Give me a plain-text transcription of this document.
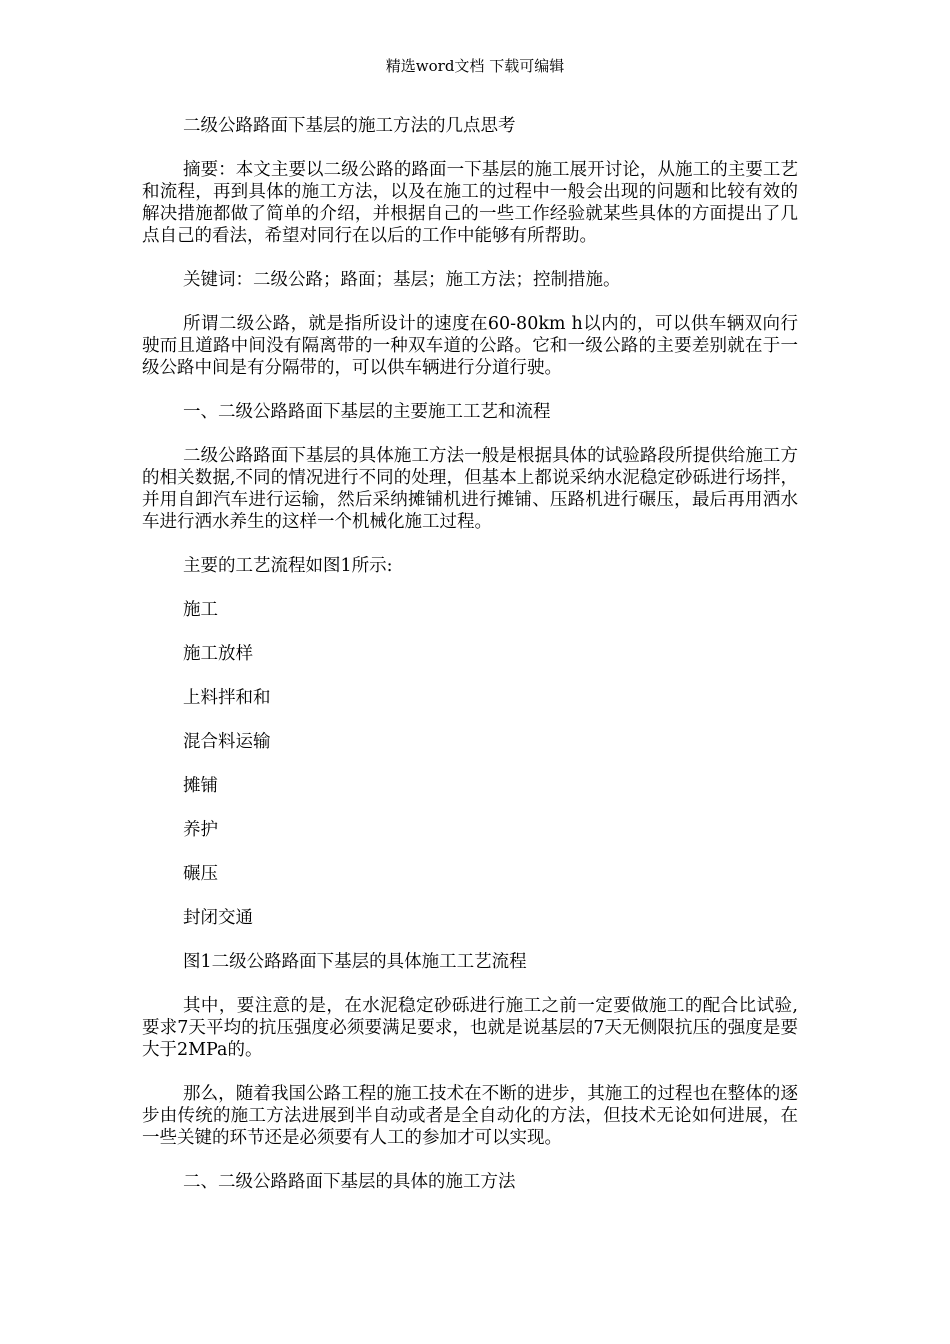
精选word文档 下载可编辑

二级公路路面下基层的施工方法的几点思考

摘要：本文主要以二级公路的路面一下基层的施工展开讨论，从施工的主要工艺和流程，再到具体的施工方法，以及在施工的过程中一般会出现的问题和比较有效的解决措施都做了简单的介绍，并根据自己的一些工作经验就某些具体的方面提出了几点自己的看法，希望对同行在以后的工作中能够有所帮助。

关键词：二级公路；路面；基层；施工方法；控制措施。

所谓二级公路，就是指所设计的速度在60-80km h以内的，可以供车辆双向行驶而且道路中间没有隔离带的一种双车道的公路。它和一级公路的主要差别就在于一级公路中间是有分隔带的，可以供车辆进行分道行驶。

一、二级公路路面下基层的主要施工工艺和流程

二级公路路面下基层的具体施工方法一般是根据具体的试验路段所提供给施工方的相关数据,不同的情况进行不同的处理，但基本上都说采纳水泥稳定砂砾进行场拌，并用自卸汽车进行运输，然后采纳摊铺机进行摊铺、压路机进行碾压，最后再用洒水车进行洒水养生的这样一个机械化施工过程。

主要的工艺流程如图1所示:

施工

施工放样

上料拌和和

混合料运输

摊铺

养护

碾压

封闭交通

图1二级公路路面下基层的具体施工工艺流程

其中，要注意的是，在水泥稳定砂砾进行施工之前一定要做施工的配合比试验,要求7天平均的抗压强度必须要满足要求，也就是说基层的7天无侧限抗压的强度是要大于2MPa的。

那么，随着我国公路工程的施工技术在不断的进步，其施工的过程也在整体的逐步由传统的施工方法进展到半自动或者是全自动化的方法，但技术无论如何进展，在一些关键的环节还是必须要有人工的参加才可以实现。

二、二级公路路面下基层的具体的施工方法
